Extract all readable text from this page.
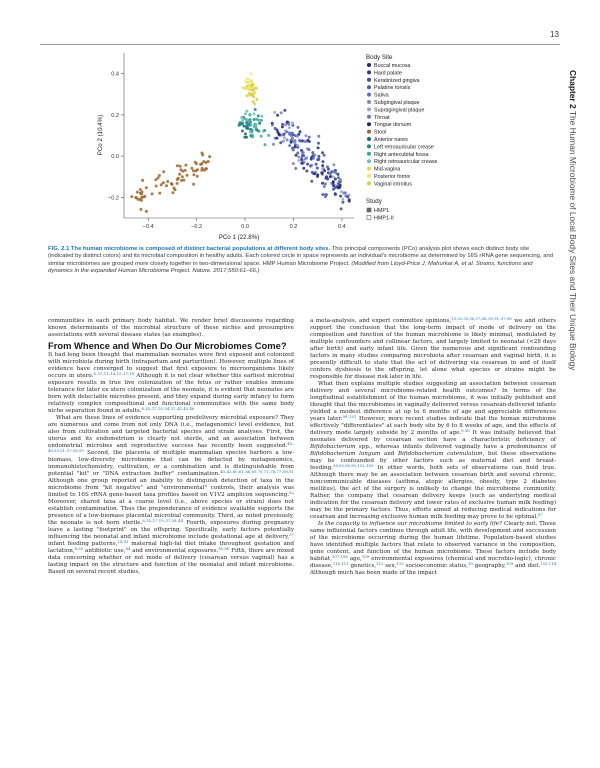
13
Chapter 2 The Human Microbiome of Local Body Sites and Their Unique Biology
−0.4	−0.2	0.0	0.2	0.4
−0.2
0.0
0.2
0.4
PCo 1 (22.8%)
PCo 2 (10.4%)
Body Site
Buccal mucosa
Hard palate
Keratinized gingiva
Palatine tonsils
Saliva
Subgingival plaque
Supragingival plaque
Throat
Tongue dorsum
Stool
Anterior nares
Left retroauricular crease
Right antecubital fossa
Right retroauricular crease
Mid-vagina
Posterior fornix
Vaginal introitus
Study
HMP1
HMP1-II
FIG. 2.1 The human microbiome is composed of distinct bacterial populations at different body sites. This principal components (PCo) analysis plot shows each distinct body site (indicated by distinct colors) and its microbial composition in healthy adults. Each colored circle in space represents an individual's microbiome as determined by 16S rRNA gene sequencing, and similar microbiomes are grouped more closely together in two-dimensional space. HMP Human Microbiome Project. (Modified from Lloyd-Price J, Mahurkar A, et al. Strains, functions and dynamics in the expanded Human Microbiome Project. Nature. 2017;550:61–66.)

communities in each primary body habitat. We render brief discussions regarding known determinants of the microbial structure of these niches and presumptive associations with several disease states (as examples).

From Whence and When Do Our Microbiomes Come?

It had long been thought that mammalian neonates were first exposed and colonized with microbiota during birth (intrapartum and parturition). However, multiple lines of evidence have converged to suggest that first exposure to microorganisms likely occurs in utero.$^{6-10,11-14,15-17,18}$ Although it is not clear whether this earliest microbial exposure results in true live colonization of the fetus or rather enables immune tolerance for later ex utero colonization of the neonate, it is evident that neonates are born with detectable microbes present, and they expand during early infancy to form relatively complex compositional and functional communities with the same body niche separation found in adults.$^{6,14-17,19-34,37-41,45,46}$

What are these lines of evidence supporting predelivery microbial exposure? They are numerous and come from not only DNA (i.e., metagenomic) level evidence, but also from cultivation and targeted bacterial species and strain analyses. First, the uterus and its endometrium is clearly not sterile, and an association between endometrial microbes and reproductive success has recently been suggested.$^{45-48,50,51-57,58,59}$ Second, the placenta of multiple mammalian species harbors a low-biomass, low-diversity microbiome that can be detected by metagenomics, immunohistochemistry, cultivation, or a combination and is distinguishable from potential "kit" or "DNA extraction buffer" contamination.$^{40-42,60,61-66,69,70,71-76,77-80,81}$ Although one group reported an inability to distinguish detection of taxa in the microbiome from "kit negative" and "environmental" controls, their analysis was limited to 16S rRNA gene-based taxa profiles based on V1V2 amplicon sequencing.$^{82}$ Moreover, shared taxa at a coarse level (i.e., above species or strain) does not establish contamination. Thus the preponderance of evidence available supports the presence of a low-biomass placental microbial community. Third, as noted previously, the neonate is not born sterile.$^{6,14-17,19-37,38-44}$ Fourth, exposures during pregnancy leave a lasting "footprint" on the offspring. Specifically, early factors potentially influencing the neonatal and infant microbiome include gestational age at delivery,$^{37}$ infant feeding patterns,$^{14,83}$ maternal high-fat diet intake throughout gestation and lactation,$^{8,20}$ antibiotic use,$^{84}$ and environmental exposures.$^{85,86}$ Fifth, there are mixed data concerning whether or not mode of delivery (cesarean versus vaginal) has a lasting impact on the structure and function of the neonatal and infant microbiome. Based on several recent studies,

a meta-analysis, and expert committee opinions,$^{15,33,35,36,37,88-90,91-97,98}$ we and others support the conclusion that the long-term impact of mode of delivery on the composition and function of the human microbiome is likely minimal, modulated by multiple confounders and collinear factors, and largely limited to neonatal (<28 days after birth) and early infant life. Given the numerous and significant confounding factors in many studies comparing microbiota after cesarean and vaginal birth, it is presently difficult to state that the act of delivering via cesarean in and of itself confers dysbiosis to the offspring, let alone what species or strains might be responsible for disease risk later in life.

What then explains multiple studies suggesting an association between cesarean delivery and several microbiome-related health outcomes? In terms of the longitudinal establishment of the human microbiome, it was initially published and thought that the microbiomes in vaginally delivered versus cesarean-delivered infants yielded a modest difference at up to 6 months of age and appreciable differences years later.$^{99-101}$ However, more recent studies indicate that the human microbiome effectively "differentiates" at each body site by 6 to 8 weeks of age, and the effects of delivery mode largely subside by 2 months of age.$^{6,36}$ It was initially believed that neonates delivered by cesarean section have a characteristic deficiency of Bifidobacterium spp., whereas infants delivered vaginally have a predominance of Bifidobacterium longum and Bifidobacterium catenulatum, but these observations may be confounded by other factors such as maternal diet and breast-feeding.$^{36,85,88,90,102-105}$ In other words, both sets of observations can hold true. Although there may be an association between cesarean birth and several chronic, noncommunicable diseases (asthma, atopic allergies, obesity, type 2 diabetes mellitus), the act of the surgery is unlikely to change the microbiome community. Rather, the company that cesarean delivery keeps (such as underlying medical indication for the cesarean delivery and lower rates of exclusive human milk feeding) may be the primary factors. Thus, efforts aimed at reducing medical indications for cesarean and increasing exclusive human milk feeding may prove to be optimal.$^{87}$

Is the capacity to influence our microbiome limited to early life? Clearly not. These same influential factors continue through adult life, with development and succession of the microbiome occurring during the human lifetime. Population-based studies have identified multiple factors that relate to observed variance in the composition, gene content, and function of the human microbiome. These factors include body habitat,$^{107,108}$ age,$^{109}$ environmental exposures (chemical and microbio-logic), chronic disease,$^{110,111}$ genetics,$^{112}$ sex,$^{113}$ socioeconomic status,$^{10}$ geography,$^{109}$ and diet.$^{103,114}$ Although much has been made of the impact
